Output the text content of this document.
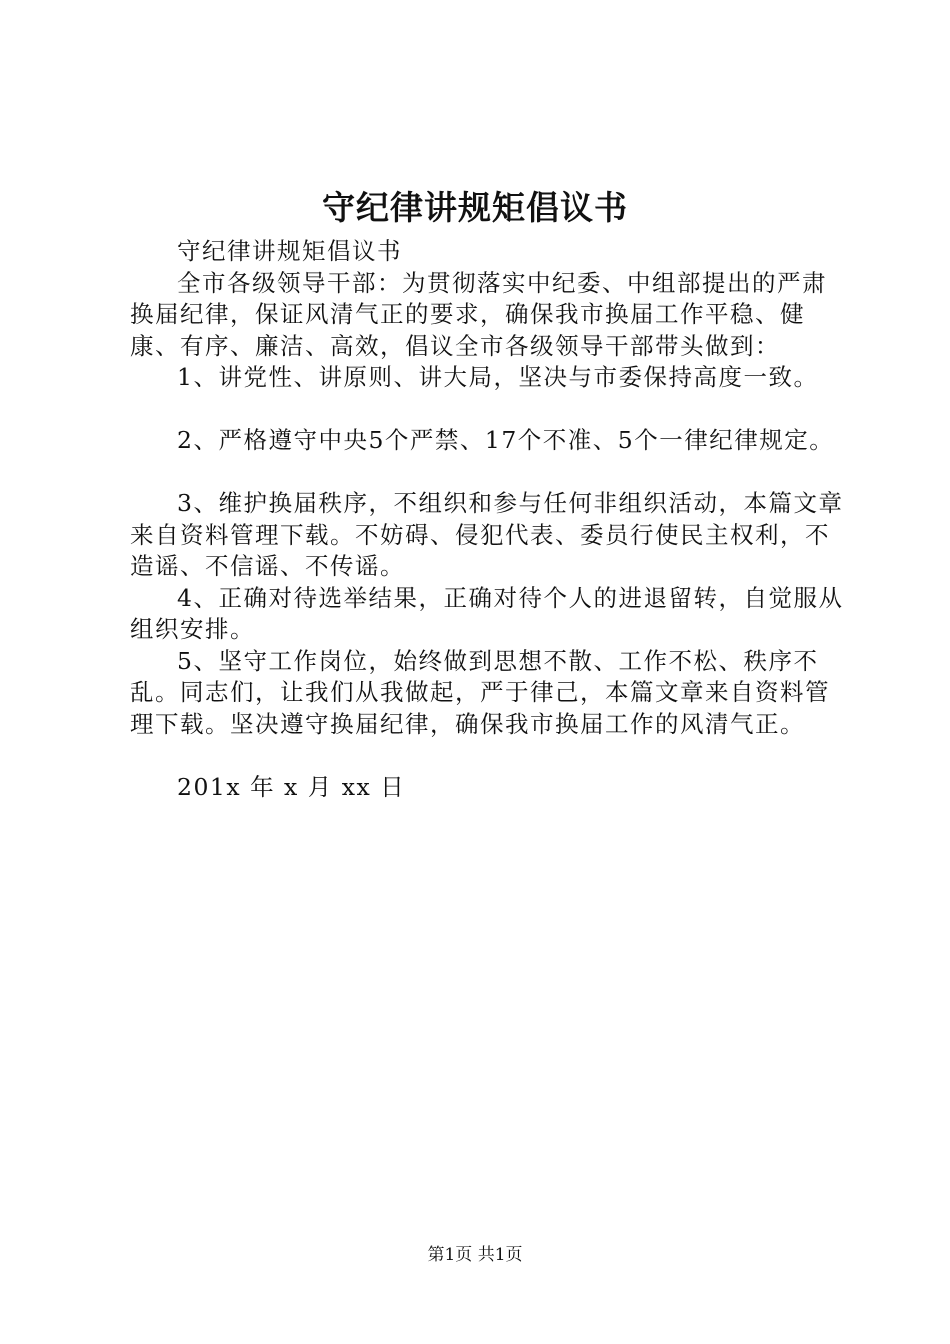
守纪律讲规矩倡议书

守纪律讲规矩倡议书

全市各级领导干部：为贯彻落实中纪委、中组部提出的严肃换届纪律，保证风清气正的要求，确保我市换届工作平稳、健康、有序、廉洁、高效，倡议全市各级领导干部带头做到：

1、讲党性、讲原则、讲大局，坚决与市委保持高度一致。

2、严格遵守中央5个严禁、17个不准、5个一律纪律规定。

3、维护换届秩序，不组织和参与任何非组织活动，本篇文章来自资料管理下载。不妨碍、侵犯代表、委员行使民主权利，不造谣、不信谣、不传谣。

4、正确对待选举结果，正确对待个人的进退留转，自觉服从组织安排。

5、坚守工作岗位，始终做到思想不散、工作不松、秩序不乱。同志们，让我们从我做起，严于律己，本篇文章来自资料管理下载。坚决遵守换届纪律，确保我市换届工作的风清气正。

201x 年 x 月 xx 日

第1页 共1页
